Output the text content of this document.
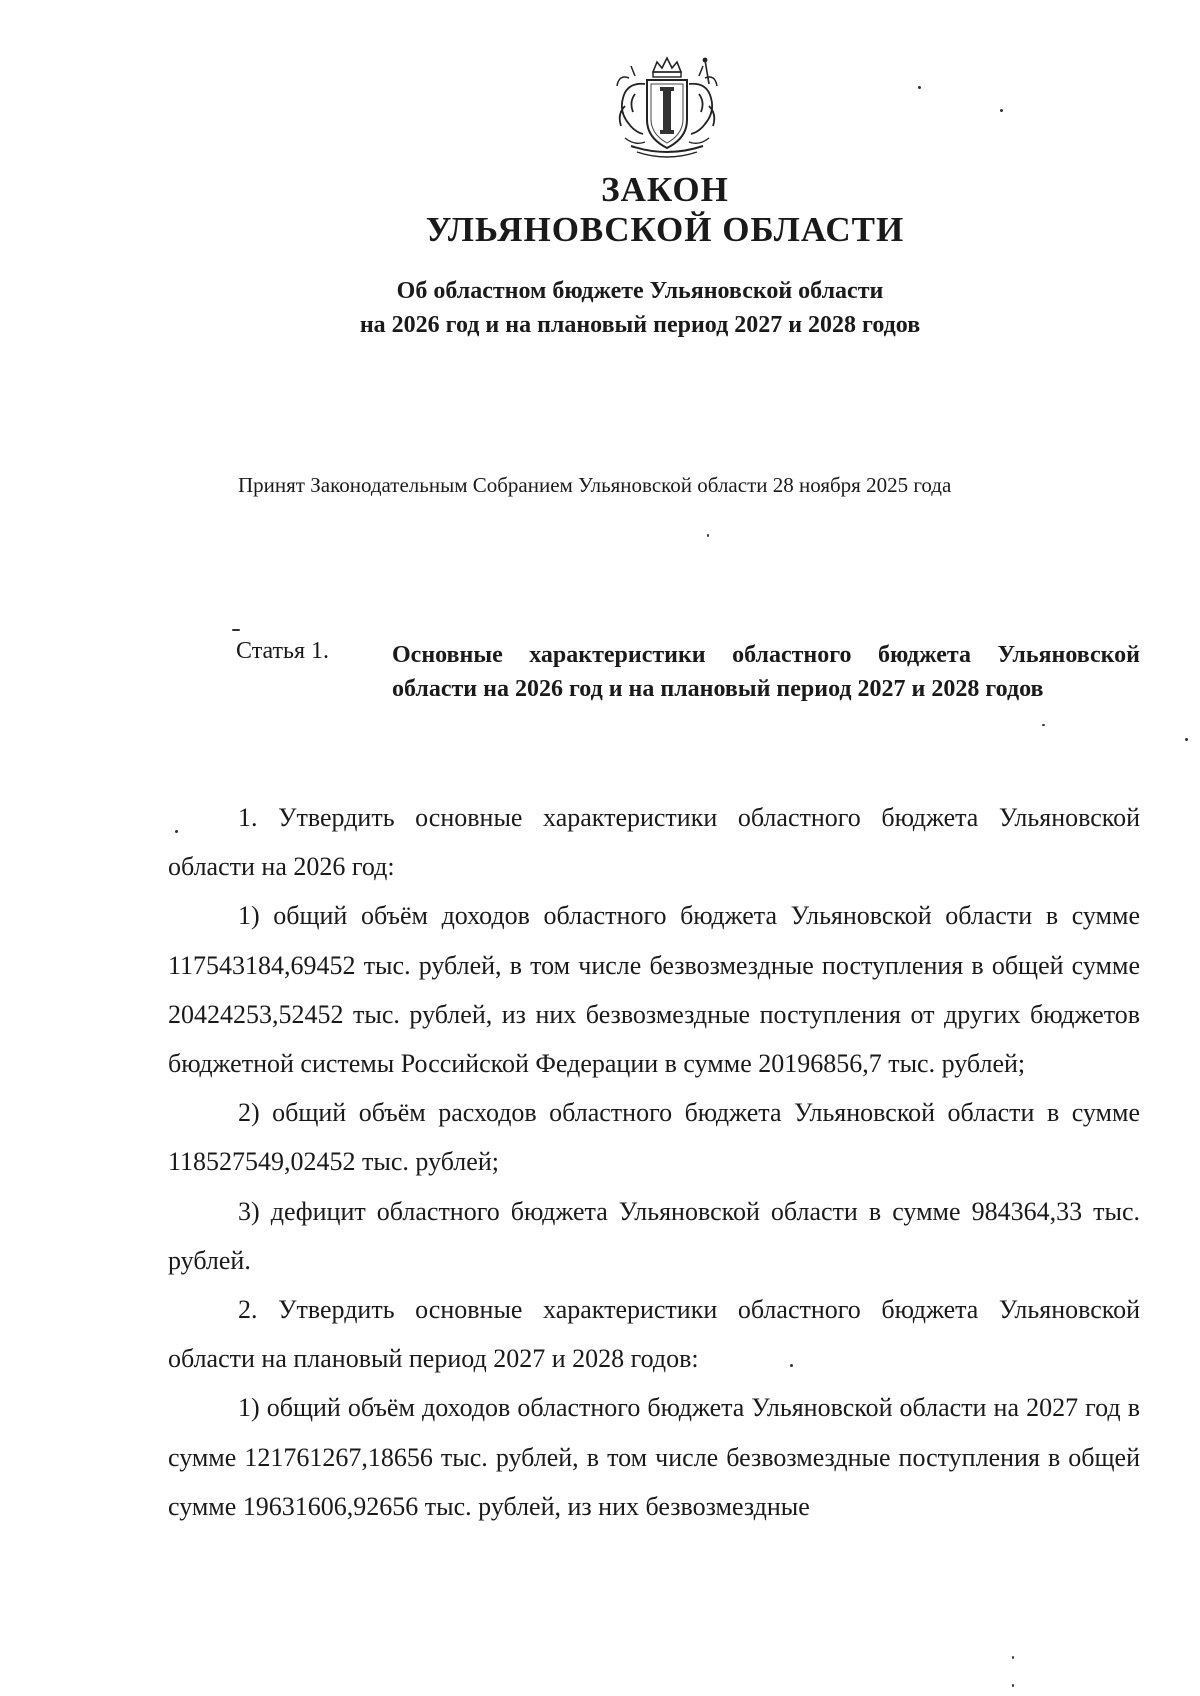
ЗАКОН
УЛЬЯНОВСКОЙ ОБЛАСТИ
Об областном бюджете Ульяновской области
на 2026 год и на плановый период 2027 и 2028 годов
Принят Законодательным Собранием Ульяновской области 28 ноября 2025 года
Статья 1.	Основные характеристики областного бюджета Ульяновской области на 2026 год и на плановый период 2027 и 2028 годов

1. Утвердить основные характеристики областного бюджета Ульяновской области на 2026 год:

1) общий объём доходов областного бюджета Ульяновской области в сумме 117543184,69452 тыс. рублей, в том числе безвозмездные поступления в общей сумме 20424253,52452 тыс. рублей, из них безвозмездные поступления от других бюджетов бюджетной системы Российской Федерации в сумме 20196856,7 тыс. рублей;

2) общий объём расходов областного бюджета Ульяновской области в сумме 118527549,02452 тыс. рублей;

3) дефицит областного бюджета Ульяновской области в сумме 984364,33 тыс. рублей.

2. Утвердить основные характеристики областного бюджета Ульяновской области на плановый период 2027 и 2028 годов:

1) общий объём доходов областного бюджета Ульяновской области на 2027 год в сумме 121761267,18656 тыс. рублей, в том числе безвозмездные поступления в общей сумме 19631606,92656 тыс. рублей, из них безвозмездные
